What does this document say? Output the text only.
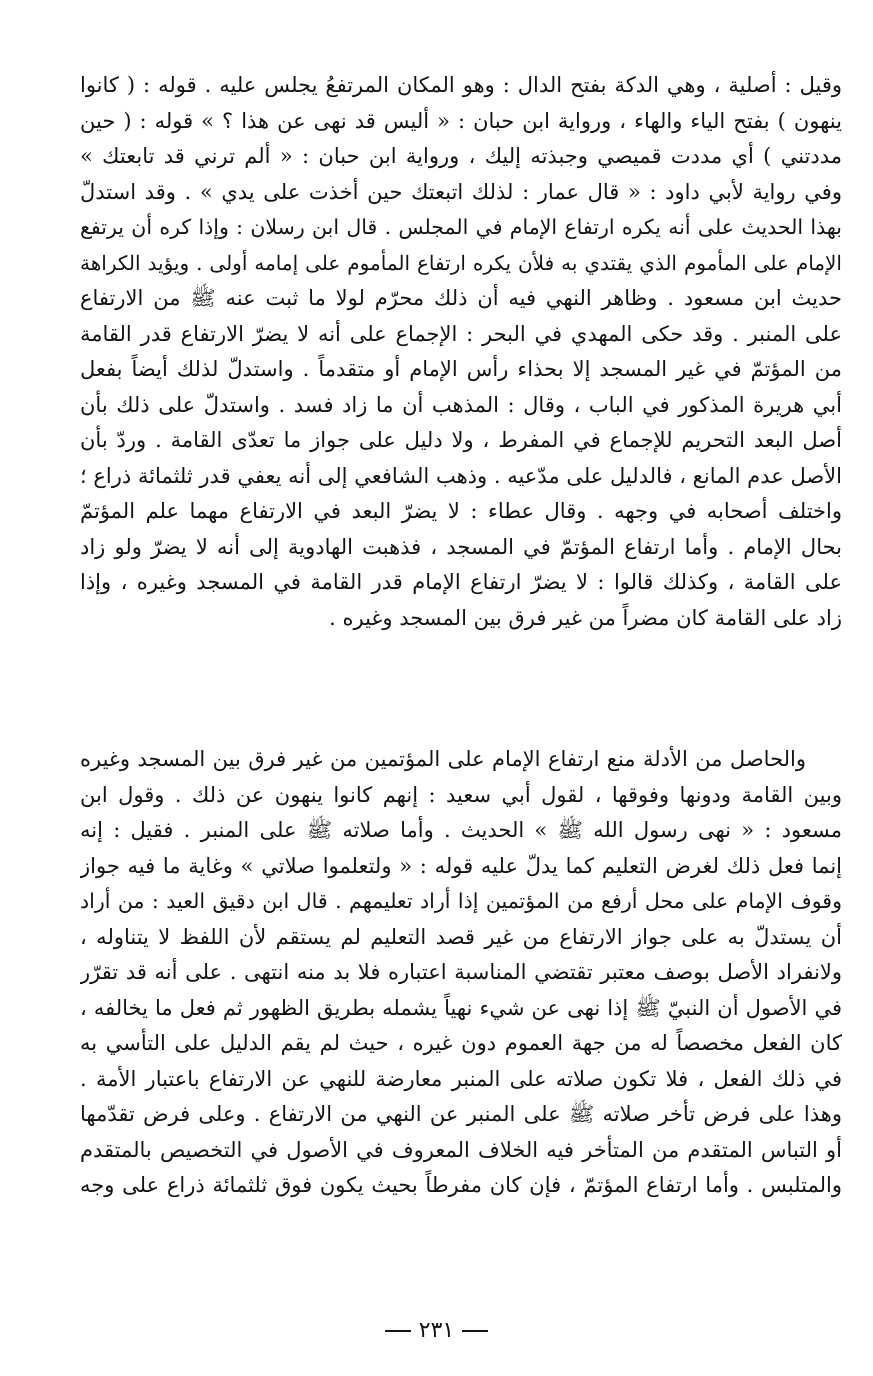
وقيل : أصلية ، وهي الدكة بفتح الدال : وهو المكان المرتفعُ يجلس عليه . قوله : ( كانوا
ينهون ) بفتح الياء والهاء ، ورواية ابن حبان : « أليس قد نهى عن هذا ؟ » قوله : ( حين
مددتني ) أي مددت قميصي وجبذته إليك ، ورواية ابن حبان : « ألم ترني قد تابعتك »
وفي رواية لأبي داود : « قال عمار : لذلك اتبعتك حين أخذت على يدي » . وقد استدلّ
بهذا الحديث على أنه يكره ارتفاع الإمام في المجلس . قال ابن رسلان : وإذا كره أن يرتفع
الإمام على المأموم الذي يقتدي به فلأن يكره ارتفاع المأموم على إمامه أولى . ويؤيد الكراهة
حديث ابن مسعود . وظاهر النهي فيه أن ذلك محرّم لولا ما ثبت عنه ﷺ من الارتفاع
على المنبر . وقد حكى المهدي في البحر : الإجماع على أنه لا يضرّ الارتفاع قدر القامة
من المؤتمّ في غير المسجد إلا بحذاء رأس الإمام أو متقدماً . واستدلّ لذلك أيضاً بفعل
أبي هريرة المذكور في الباب ، وقال : المذهب أن ما زاد فسد . واستدلّ على ذلك بأن
أصل البعد التحريم للإجماع في المفرط ، ولا دليل على جواز ما تعدّى القامة . وردّ بأن
الأصل عدم المانع ، فالدليل على مدّعيه . وذهب الشافعي إلى أنه يعفي قدر ثلثمائة ذراع ؛
واختلف أصحابه في وجهه . وقال عطاء : لا يضرّ البعد في الارتفاع مهما علم المؤتمّ
بحال الإمام . وأما ارتفاع المؤتمّ في المسجد ، فذهبت الهادوية إلى أنه لا يضرّ ولو زاد
على القامة ، وكذلك قالوا : لا يضرّ ارتفاع الإمام قدر القامة في المسجد وغيره ، وإذا
زاد على القامة كان مضراً من غير فرق بين المسجد وغيره .
والحاصل من الأدلة منع ارتفاع الإمام على المؤتمين من غير فرق بين المسجد وغيره
وبين القامة ودونها وفوقها ، لقول أبي سعيد : إنهم كانوا ينهون عن ذلك . وقول ابن
مسعود : « نهى رسول الله ﷺ » الحديث . وأما صلاته ﷺ على المنبر . فقيل : إنه
إنما فعل ذلك لغرض التعليم كما يدلّ عليه قوله : « ولتعلموا صلاتي » وغاية ما فيه جواز
وقوف الإمام على محل أرفع من المؤتمين إذا أراد تعليمهم . قال ابن دقيق العيد : من أراد
أن يستدلّ به على جواز الارتفاع من غير قصد التعليم لم يستقم لأن اللفظ لا يتناوله ،
ولانفراد الأصل بوصف معتبر تقتضي المناسبة اعتباره فلا بد منه انتهى . على أنه قد تقرّر
في الأصول أن النبيّ ﷺ إذا نهى عن شيء نهياً يشمله بطريق الظهور ثم فعل ما يخالفه ،
كان الفعل مخصصاً له من جهة العموم دون غيره ، حيث لم يقم الدليل على التأسي به
في ذلك الفعل ، فلا تكون صلاته على المنبر معارضة للنهي عن الارتفاع باعتبار الأمة .
وهذا على فرض تأخر صلاته ﷺ على المنبر عن النهي من الارتفاع . وعلى فرض تقدّمها
أو التباس المتقدم من المتأخر فيه الخلاف المعروف في الأصول في التخصيص بالمتقدم
والمتلبس . وأما ارتفاع المؤتمّ ، فإن كان مفرطاً بحيث يكون فوق ثلثمائة ذراع على وجه
٢٣١
